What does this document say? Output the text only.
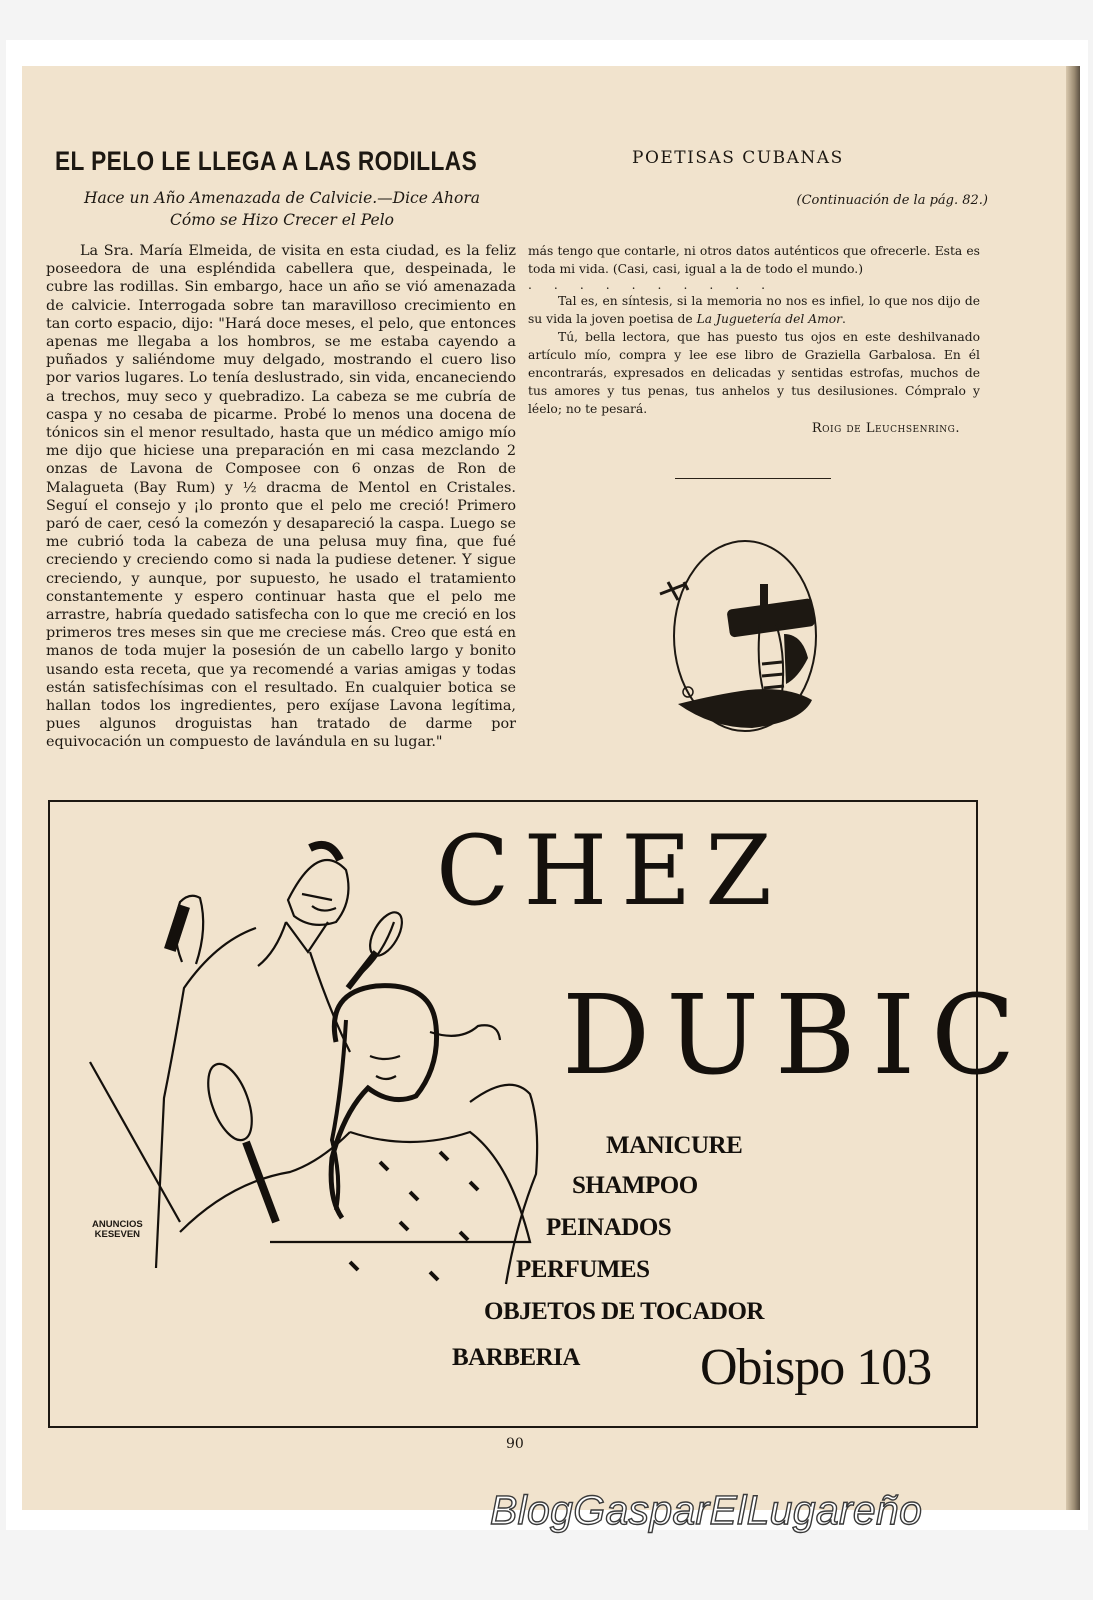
EL PELO LE LLEGA A LAS RODILLAS
Hace un Año Amenazada de Calvicie.—Dice Ahora
Cómo se Hizo Crecer el Pelo

La Sra. María Elmeida, de visita en esta ciudad, es la feliz poseedora de una espléndida cabellera que, despeinada, le cubre las rodillas. Sin embargo, hace un año se vió amenazada de calvicie. Interrogada sobre tan maravilloso crecimiento en tan corto espacio, dijo: "Hará doce meses, el pelo, que entonces apenas me llegaba a los hombros, se me estaba cayendo a puñados y saliéndome muy delgado, mostrando el cuero liso por varios lugares. Lo tenía deslustrado, sin vida, encaneciendo a trechos, muy seco y quebradizo. La cabeza se me cubría de caspa y no cesaba de picarme. Probé lo menos una docena de tónicos sin el menor resultado, hasta que un médico amigo mío me dijo que hiciese una preparación en mi casa mezclando 2 onzas de Lavona de Composee con 6 onzas de Ron de Malagueta (Bay Rum) y ½ dracma de Mentol en Cristales. Seguí el consejo y ¡lo pronto que el pelo me creció! Primero paró de caer, cesó la comezón y desapareció la caspa. Luego se me cubrió toda la cabeza de una pelusa muy fina, que fué creciendo y creciendo como si nada la pudiese detener. Y sigue creciendo, y aunque, por supuesto, he usado el tratamiento constantemente y espero continuar hasta que el pelo me arrastre, habría quedado satisfecha con lo que me creció en los primeros tres meses sin que me creciese más. Creo que está en manos de toda mujer la posesión de un cabello largo y bonito usando esta receta, que ya recomendé a varias amigas y todas están satisfechísimas con el resultado. En cualquier botica se hallan todos los ingredientes, pero exíjase Lavona legítima, pues algunos droguistas han tratado de darme por equivocación un compuesto de lavándula en su lugar."

POETISAS CUBANAS
(Continuación de la pág. 82.)

más tengo que contarle, ni otros datos auténticos que ofrecerle. Esta es toda mi vida. (Casi, casi, igual a la de todo el mundo.)

..........

Tal es, en síntesis, si la memoria no nos es infiel, lo que nos dijo de su vida la joven poetisa de La Juguetería del Amor.

Tú, bella lectora, que has puesto tus ojos en este deshilvanado artículo mío, compra y lee ese libro de Graziella Garbalosa. En él encontrarás, expresados en delicadas y sentidas estrofas, muchos de tus amores y tus penas, tus anhelos y tus desilusiones. Cómpralo y léelo; no te pesará.

Roig de Leuchsenring.

CHEZ
DUBIC
MANICURE
SHAMPOO
PEINADOS
PERFUMES
OBJETOS DE TOCADOR
BARBERIA Obispo 103
ANUNCIOS
KESEVEN
90
BlogGasparElLugareño
